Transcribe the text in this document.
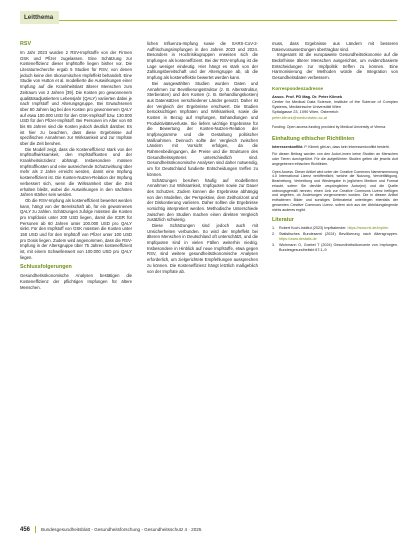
Leitthema
RSV

Im Jahr 2023 wurden 2 RSV-Impfstoffe von der Firmen GSK und Pfizer zugelassen. Eine Schätzung zur Kosteneffizienz dieser Impfstoffe liegen bisher vor. Die Literaturrecherche ergab 5 Studien für RSV, von denen jedoch keine den ökonomischen Impfeffekt behandelt. Eine Studie von Hutton et al. modellierte die Auswirkungen einer Impfung auf die Krankheitslast älterer Menschen zum Zeitraum von 2 Jahren [39]. Die Kosten pro gewonnenem qualitätsadjustiertem Lebensjahr (QALY) variierten dabei je nach Impfstoff und Alterungsgruppe. Bei Erwachsenen über 60 Jahren lag bei den Kosten pro gewonnenem QALY auf etwa 100.000 USD für den GSK-Impfstoff bzw. 130.000 USD für den Pfizer-Impfstoff. Bei Personen im Alter von 60 bis 65 Jahren sind die Kosten jedoch deutlich darüber. Es ist hier zu beachten, dass diese Ergebnisse auf spezifischen Annahmen zur Wirksamkeit und zur Impfrate über die Zeit beruhen.

Die Modell zeigt, dass die Kosteneffizienz stark von der Impfstoffwirksamkeit, den Impfstoffkosten und der Krankheitsinzidenz abhängt. Insbesondere müssen Impfstoffkosten und eine ausreichende Schutzwirkung über mehr als 2 Jahre erreicht werden, damit eine Impfung kosteneffizient ist. Die Kosten-Nutzen-Relation der Impfung verbessert sich, wenn die Wirksamkeit über die Zeit erhalten bleibt, wobei die Auswirkungen in den nächsten Jahren stärker sein werden.

Ob die RSV-Impfung als kosteneffizient bewertet werden kann, hängt von der Bereitschaft ab, für ein gewonnenes QALY zu zahlen. Schätzungen zufolge müssten die Kosten pro Impfdosis unter 200 USD liegen, damit die ICER für Personen ab 60 Jahren unter 100.000 USD pro QALY sinkt. Für den Impfstoff von GSK müssten die Kosten unter 150 USD und für den Impfstoff von Pfizer unter 100 USD pro Dosis liegen. Zudem wird angenommen, dass die RSV-Impfung in der Altersgruppe über 75 Jahren kosteneffizient ist, mit einem Schwellenwert von 100.000 USD pro QALY liegen.

Schlussfolgerungen

Gesundheitsökonomische Analysen bestätigen die Kosteneffizienz der pflichtigen Impfungen für ältere Menschen.

lichen Influenza-Impfung sowie die SARS-CoV-2-Auffrischungsimpfungen in den Jahren 2023 und 2024. Besonders in Hochrisikogruppen erweisen sich die Impfungen als kosteneffizient. Bei der RSV-Impfung ist die Lage weniger eindeutig. Hier hängt es stark von der Zahlungsbereitschaft und der Altersgruppe ab, ob die Impfung als kosteneffektiv bewertet werden kann.

Bei ausgewählten Studien wurden Daten und Annahmen zur Bevölkerungsstruktur (z. B. Altersstruktur, Sterberaten) und den Kosten (z. B. Behandlungskosten) aus Datensätzen verschiedener Länder genutzt. Daher ist der Vergleich der Ergebnisse erschwert. Die Studien berücksichtigen Impfraten und Wirksamkeit, sowie die Kosten in Bezug auf Impfungen, Behandlungen und Produktivitätsverluste. Sie liefern wichtige Ergebnisse für die Bewertung der Kosten-Nutzen-Relation der Impfprogramme und die Gestaltung politischer Maßnahmen. Dennoch sollte der Vergleich zwischen Ländern mit Vorsicht erfolgen, da die Rahmenbedingungen, die Preise und die Strukturen des Gesundheitssystems unterschiedlich sind. Gesundheitsökonomische Analysen sind daher notwendig, um für Deutschland fundierte Entscheidungen treffen zu können.

Schätzungen beruhen häufig auf modellierten Annahmen zur Wirksamkeit, Impfquoten sowie zur Dauer des Schutzes. Zudem können die Ergebnisse abhängig von den Modellen, der Perspektive, dem Zeithorizont und der Diskontierung variieren. Daher sollten die Ergebnisse vorsichtig interpretiert werden. Methodische Unterschiede zwischen den Studien machen einen direkten Vergleich zusätzlich schwierig.

Diese Schätzungen sind jedoch auch mit Unsicherheiten verbunden. So wird der Impfeffekt bei älteren Menschen in Deutschland oft unterschätzt, und die Impfquoten sind in vielen Fällen weiterhin niedrig. Insbesondere in Hinblick auf neue Impfstoffe, etwa gegen RSV, sind weitere gesundheitsökonomische Analysen erforderlich, um zielgerichtete Empfehlungen aussprechen zu können. Die Kosteneffizienz hängt letztlich maßgeblich von der Impfrate ab.

muss, dass Ergebnisse aus Ländern mit besseren Datenvoraussetzungen übertragbar sind.

Insgesamt ist die europaweite Gesundheitsökonomie auf die Bedürfnisse älterer Menschen ausgerichtet, um evidenzbasierte Entscheidungen zur Impfpolitik treffen zu können. Eine Harmonisierung der Methoden würde die Integration von Gesundheitsdaten verbessern.

Korrespondenzadresse
Assoc. Prof. PD Mag. Dr. Peter Klimek
Center for Medical Data Science, Institute of the Science of Complex Systems, Medizinische Universität Wien
Spitalgasse 23, 1090 Wien, Österreich
peter.klimek@meduniwien.ac.at

Funding. Open access funding provided by Medical University of Vienna.

Einhaltung ethischer Richtlinien

Interessenkonflikt. P. Klimek gibt an, dass kein Interessenkonflikt besteht.

Für diesen Beitrag wurden von den Autor/-innen keine Studien an Menschen oder Tieren durchgeführt. Für die aufgeführten Studien gelten die jeweils dort angegebenen ethischen Richtlinien.

Open Access. Dieser Artikel wird unter der Creative Commons Namensnennung 4.0 International Lizenz veröffentlicht, welche die Nutzung, Vervielfältigung, Bearbeitung, Verbreitung und Wiedergabe in jeglichem Medium und Format erlaubt, sofern Sie den/die ursprünglichen Autor(en) und die Quelle ordnungsgemäß nennen, einen Link zur Creative Commons Lizenz beifügen und angeben, ob Änderungen vorgenommen wurden. Die in diesem Artikel enthaltenen Bilder und sonstiges Drittmaterial unterliegen ebenfalls der genannten Creative Commons Lizenz, sofern sich aus der Abbildungslegende nichts anderes ergibt.

Literatur
1.	Robert Koch-Institut (2023) Impfkalender. https://www.rki.de/impfen
2.	Statistisches Bundesamt (2024) Bevölkerung nach Altersgruppen. https://www.destatis.de
3.	Wichmann O, Goebel T (2024) Gesundheitsökonomie von Impfungen. Bundesgesundheitsbl 67:1–9
456 Bundesgesundheitsblatt - Gesundheitsforschung - Gesundheitsschutz 4 · 2025
